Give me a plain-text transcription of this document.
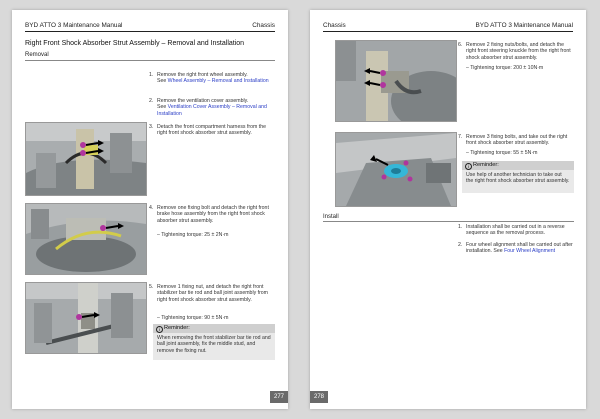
BYD ATTO 3 Maintenance Manual	Chassis
Right Front Shock Absorber Strut Assembly – Removal and Installation
Removal
1. Remove the right front wheel assembly.
See Wheel Assembly – Removal and Installation
2. Remove the ventilation cover assembly.
See Ventilation Cover Assembly – Removal and Installation
3. Detach the front compartment harness from the right front shock absorber strut assembly.
4. Remove one fixing bolt and detach the right front brake hose assembly from the right front shock absorber strut assembly.
– Tightening torque: 25 ± 2N·m
5. Remove 1 fixing nut, and detach the right front stabilizer bar tie rod and ball joint assembly from right front shock absorber strut assembly.
– Tightening torque: 90 ± 5N·m
i Reminder:
When removing the front stabilizer bar tie rod and ball joint assembly, fix the middle stud, and remove the fixing nut.
277
Chassis	BYD ATTO 3 Maintenance Manual
6. Remove 2 fixing nuts/bolts, and detach the right front steering knuckle from the right front shock absorber strut assembly.
– Tightening torque: 200 ± 10N·m
7. Remove 3 fixing bolts, and take out the right front shock absorber strut assembly.
– Tightening torque: 55 ± 5N·m
i Reminder:
Use help of another technician to take out the right front shock absorber strut assembly.
Install
1. Installation shall be carried out in a reverse sequence as the removal process.
2. Four wheel alignment shall be carried out after installation. See Four Wheel Alignment
278
